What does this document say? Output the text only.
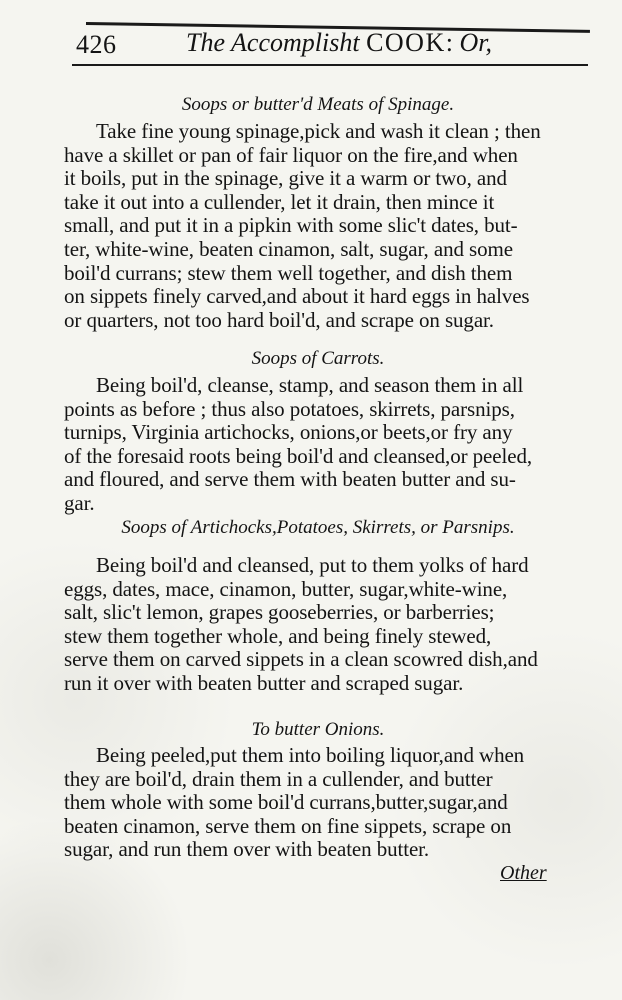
426	The Accomplisht COOK: Or,
Soops or butter'd Meats of Spinage.
Take fine young spinage,pick and wash it clean ; then
have a skillet or pan of fair liquor on the fire,and when
it boils, put in the spinage, give it a warm or two, and
take it out into a cullender, let it drain, then mince it
small, and put it in a pipkin with some slic't dates, but-
ter, white-wine, beaten cinamon, salt, sugar, and some
boil'd currans; stew them well together, and dish them
on sippets finely carved,and about it hard eggs in halves
or quarters, not too hard boil'd, and scrape on sugar.
Soops of Carrots.
Being boil'd, cleanse, stamp, and season them in all
points as before ; thus also potatoes, skirrets, parsnips,
turnips, Virginia artichocks, onions,or beets,or fry any
of the foresaid roots being boil'd and cleansed,or peeled,
and floured, and serve them with beaten butter and su-
gar.
Soops of Artichocks,Potatoes, Skirrets, or Parsnips.
Being boil'd and cleansed, put to them yolks of hard
eggs, dates, mace, cinamon, butter, sugar,white-wine,
salt, slic't lemon, grapes gooseberries, or barberries;
stew them together whole, and being finely stewed,
serve them on carved sippets in a clean scowred dish,and
run it over with beaten butter and scraped sugar.
To butter Onions.
Being peeled,put them into boiling liquor,and when
they are boil'd, drain them in a cullender, and butter
them whole with some boil'd currans,butter,sugar,and
beaten cinamon, serve them on fine sippets, scrape on
sugar, and run them over with beaten butter.
Other
